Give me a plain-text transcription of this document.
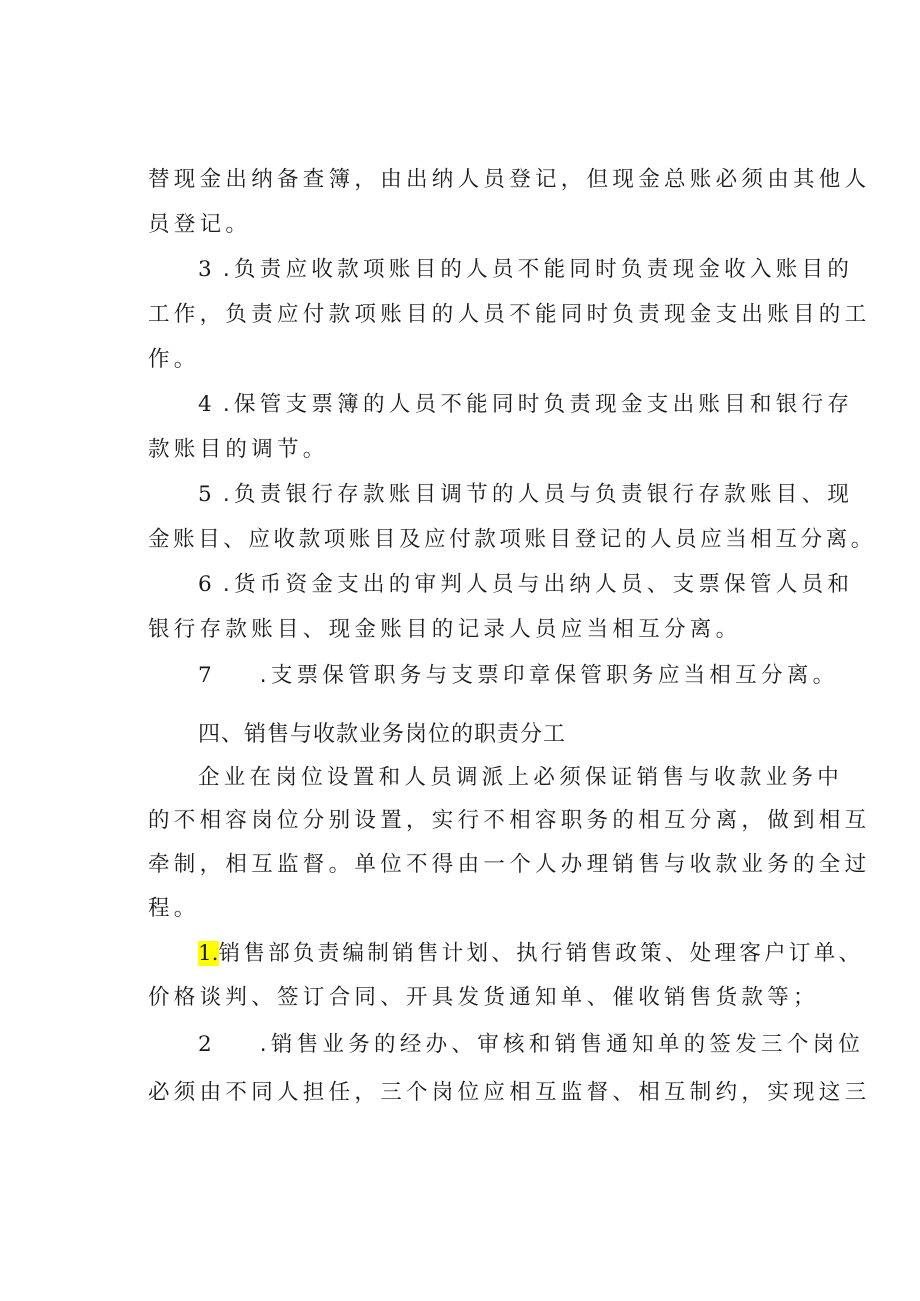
替现金出纳备查簿，由出纳人员登记，但现金总账必须由其他人
员登记。
3 .负责应收款项账目的人员不能同时负责现金收入账目的
工作，负责应付款项账目的人员不能同时负责现金支出账目的工
作。
4 .保管支票簿的人员不能同时负责现金支出账目和银行存
款账目的调节。
5 .负责银行存款账目调节的人员与负责银行存款账目、现
金账目、应收款项账目及应付款项账目登记的人员应当相互分离。
6 .货币资金支出的审判人员与出纳人员、支票保管人员和
银行存款账目、现金账目的记录人员应当相互分离。
7 .支票保管职务与支票印章保管职务应当相互分离。
四、销售与收款业务岗位的职责分工
企业在岗位设置和人员调派上必须保证销售与收款业务中
的不相容岗位分别设置，实行不相容职务的相互分离，做到相互
牵制，相互监督。单位不得由一个人办理销售与收款业务的全过
程。
1.销售部负责编制销售计划、执行销售政策、处理客户订单、
价格谈判、签订合同、开具发货通知单、催收销售货款等；
2 .销售业务的经办、审核和销售通知单的签发三个岗位
必须由不同人担任，三个岗位应相互监督、相互制约，实现这三
